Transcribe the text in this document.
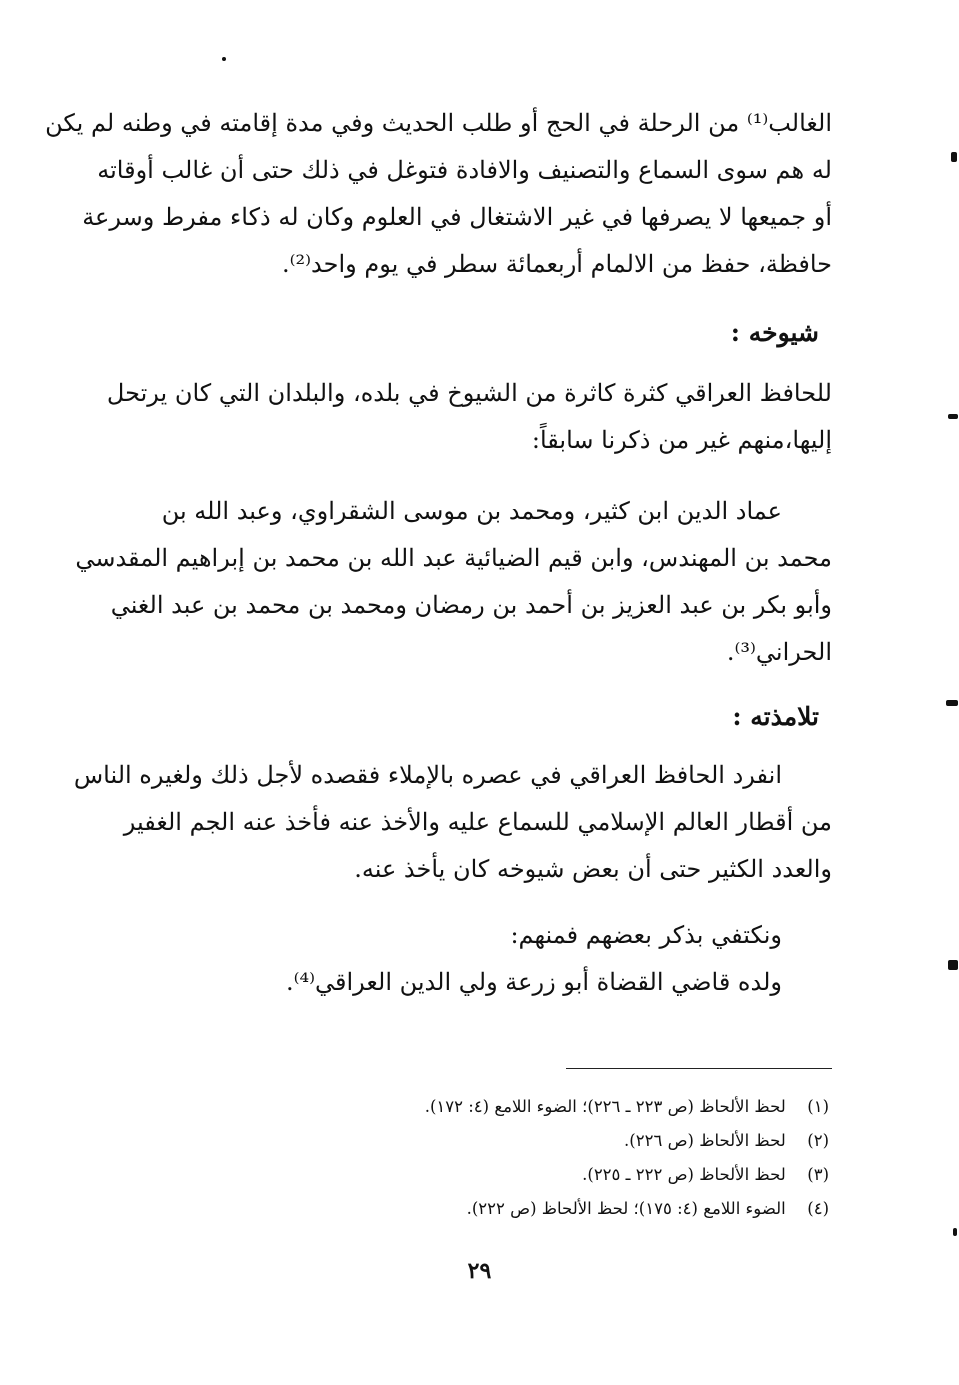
الغالب⁽¹⁾ من الرحلة في الحج أو طلب الحديث وفي مدة إقامته في وطنه لم يكن
له هم سوى السماع والتصنيف والافادة فتوغل في ذلك حتى أن غالب أوقاته
أو جميعها لا يصرفها في غير الاشتغال في العلوم وكان له ذكاء مفرط وسرعة
حافظة، حفظ من الالمام أربعمائة سطر في يوم واحد⁽²⁾.
شيوخه :
للحافظ العراقي كثرة كاثرة من الشيوخ في بلده، والبلدان التي كان يرتحل
إليها،منهم غير من ذكرنا سابقاً:
عماد الدين ابن كثير، ومحمد بن موسى الشقراوي، وعبد الله بن
محمد بن المهندس، وابن قيم الضيائية عبد الله بن محمد بن إبراهيم المقدسي
وأبو بكر بن عبد العزيز بن أحمد بن رمضان ومحمد بن محمد بن عبد الغني
الحراني⁽³⁾.
تلامذته :
انفرد الحافظ العراقي في عصره بالإملاء فقصده لأجل ذلك ولغيره الناس
من أقطار العالم الإسلامي للسماع عليه والأخذ عنه فأخذ عنه الجم الغفير
والعدد الكثير حتى أن بعض شيوخه كان يأخذ عنه.
ونكتفي بذكر بعضهم فمنهم:
ولده قاضي القضاة أبو زرعة ولي الدين العراقي⁽⁴⁾.
(١) لحظ الألحاظ (ص ٢٢٣ ـ ٢٢٦)؛ الضوء اللامع (٤: ١٧٢).
(٢) لحظ الألحاظ (ص ٢٢٦).
(٣) لحظ الألحاظ (ص ٢٢٢ ـ ٢٢٥).
(٤) الضوء اللامع (٤: ١٧٥)؛ لحظ الألحاظ (ص ٢٢٢).
٢٩
